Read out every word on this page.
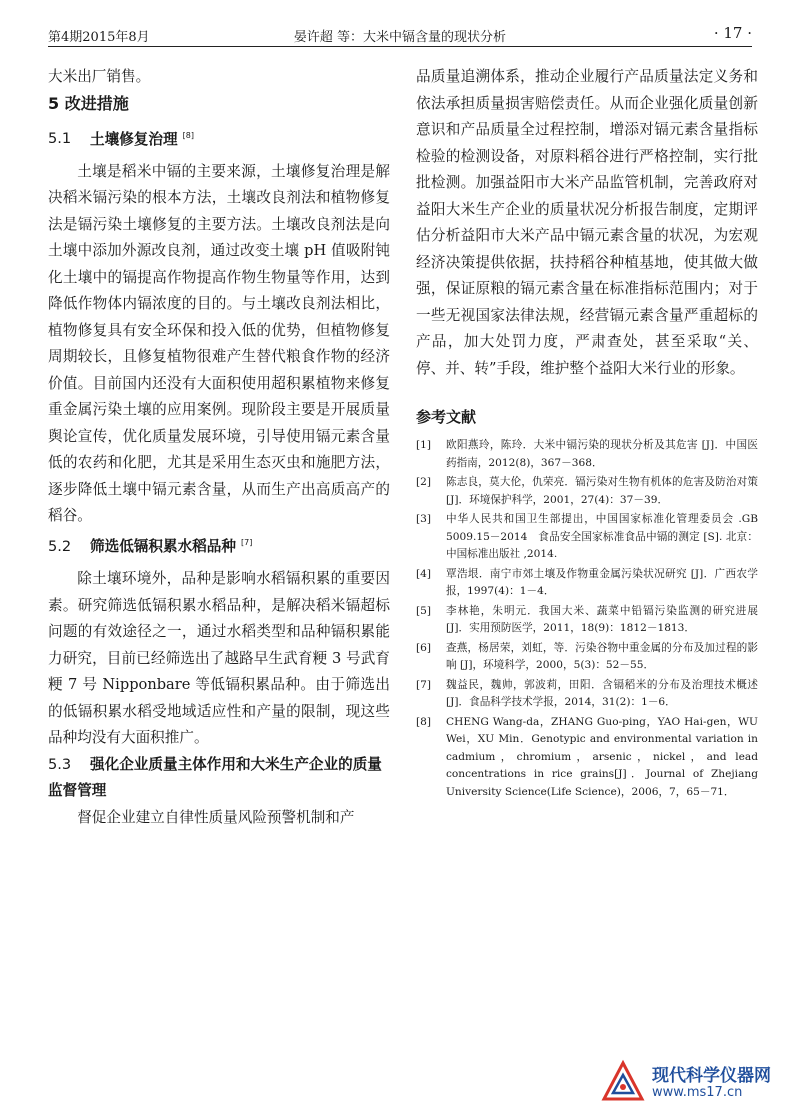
第4期2015年8月	晏许超 等：大米中镉含量的现状分析	· 17 ·

大米出厂销售。

5 改进措施

5.1 土壤修复治理 [8]

土壤是稻米中镉的主要来源，土壤修复治理是解决稻米镉污染的根本方法，土壤改良剂法和植物修复法是镉污染土壤修复的主要方法。土壤改良剂法是向土壤中添加外源改良剂，通过改变土壤 pH 值吸附钝化土壤中的镉提高作物提高作物生物量等作用，达到降低作物体内镉浓度的目的。与土壤改良剂法相比，植物修复具有安全环保和投入低的优势，但植物修复周期较长，且修复植物很难产生替代粮食作物的经济价值。目前国内还没有大面积使用超积累植物来修复重金属污染土壤的应用案例。现阶段主要是开展质量舆论宣传，优化质量发展环境，引导使用镉元素含量低的农药和化肥，尤其是采用生态灭虫和施肥方法，逐步降低土壤中镉元素含量，从而生产出高质高产的稻谷。

5.2 筛选低镉积累水稻品种 [7]

除土壤环境外，品种是影响水稻镉积累的重要因素。研究筛选低镉积累水稻品种，是解决稻米镉超标问题的有效途径之一，通过水稻类型和品种镉积累能力研究，目前已经筛选出了越路早生武育粳 3 号武育粳 7 号 Nipponbare 等低镉积累品种。由于筛选出的低镉积累水稻受地域适应性和产量的限制，现这些品种均没有大面积推广。

5.3 强化企业质量主体作用和大米生产企业的质量监督管理

督促企业建立自律性质量风险预警机制和产

品质量追溯体系，推动企业履行产品质量法定义务和依法承担质量损害赔偿责任。从而企业强化质量创新意识和产品质量全过程控制，增添对镉元素含量指标检验的检测设备，对原料稻谷进行严格控制，实行批批检测。加强益阳市大米产品监管机制，完善政府对益阳大米生产企业的质量状况分析报告制度，定期评估分析益阳市大米产品中镉元素含量的状况，为宏观经济决策提供依据，扶持稻谷种植基地，使其做大做强，保证原粮的镉元素含量在标准指标范围内；对于一些无视国家法律法规，经营镉元素含量严重超标的产品，加大处罚力度，严肃查处，甚至采取“关、停、并、转”手段，维护整个益阳大米行业的形象。

参考文献

[1]	欧阳燕玲，陈玲．大米中镉污染的现状分析及其危害 [J]．中国医药指南，2012(8)，367－368．
[2]	陈志良，莫大伦，仇荣亮．镉污染对生物有机体的危害及防治对策 [J]．环境保护科学，2001，27(4)：37－39．
[3]	中华人民共和国卫生部提出，中国国家标准化管理委员会 .GB 5009.15－2014　食品安全国家标准食品中镉的测定 [S]. 北京：中国标准出版社 ,2014.
[4]	覃浩垠．南宁市郊土壤及作物重金属污染状况研究 [J]．广西农学报，1997(4)：1－4．
[5]	李林艳，朱明元．我国大米、蔬菜中铅镉污染监测的研究进展 [J]．实用预防医学，2011，18(9)：1812－1813．
[6]	查燕，杨居荣，刘虹，等．污染谷物中重金属的分布及加过程的影响 [J]，环境科学，2000，5(3)：52－55．
[7]	魏益民，魏帅，郭波莉，田阳．含镉稻米的分布及治理技术概述 [J]．食品科学技术学报，2014，31(2)：1－6．
[8]	CHENG Wang-da，ZHANG Guo-ping，YAO Hai-gen，WU Wei，XU Min．Genotypic and environmental variation in cadmium，chromium，arsenic，nickel，and lead concentrations in rice grains[J]．Journal of Zhejiang University Science(Life Science)，2006，7，65－71．
现代科学仪器网
www.ms17.cn
